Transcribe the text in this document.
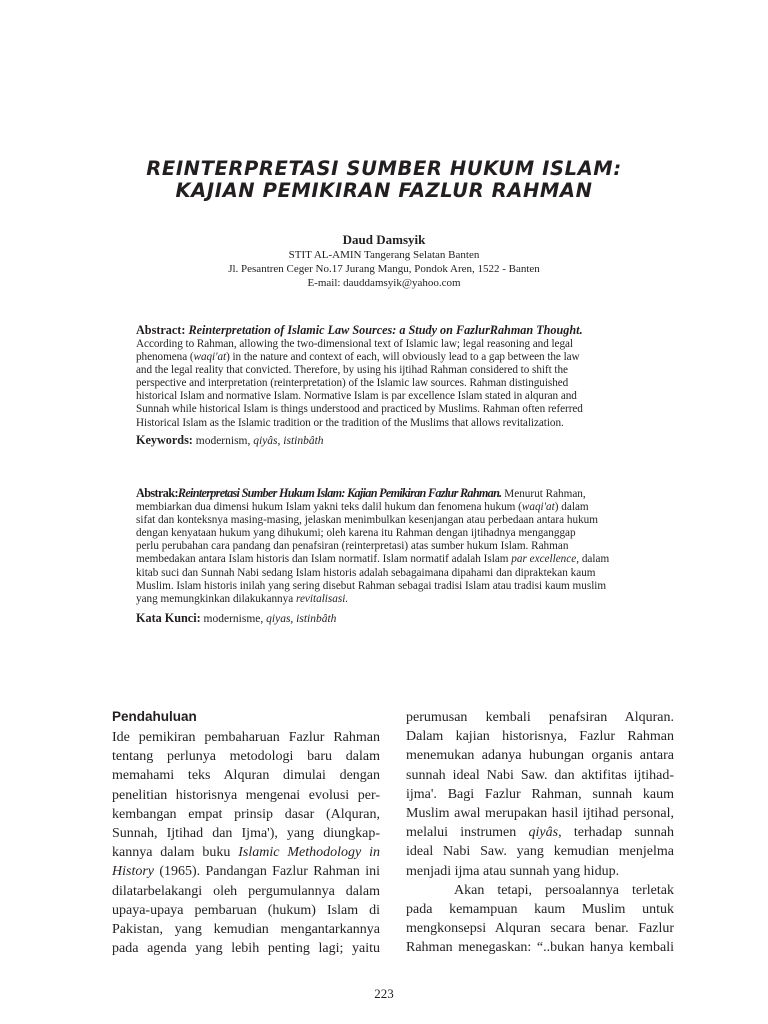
REINTERPRETASI SUMBER HUKUM ISLAM:
KAJIAN PEMIKIRAN FAZLUR RAHMAN
Daud Damsyik
STIT AL-AMIN Tangerang Selatan Banten
Jl. Pesantren Ceger No.17 Jurang Mangu, Pondok Aren, 1522 - Banten
E-mail: dauddamsyik@yahoo.com
Abstract: Reinterpretation of Islamic Law Sources: a Study on FazlurRahman Thought.

According to Rahman, allowing the two-dimensional text of Islamic law; legal reasoning and legal
phenomena (waqi'at) in the nature and context of each, will obviously lead to a gap between the law
and the legal reality that convicted. Therefore, by using his ijtihad Rahman considered to shift the
perspective and interpretation (reinterpretation) of the Islamic law sources. Rahman distinguished
historical Islam and normative Islam. Normative Islam is par excellence Islam stated in alquran and
Sunnah while historical Islam is things understood and practiced by Muslims. Rahman often referred
Historical Islam as the Islamic tradition or the tradition of the Muslims that allows revitalization.

Keywords: modernism, qiyâs, istinbâth

Abstrak:Reinterpretasi Sumber Hukum Islam: Kajian Pemikiran Fazlur Rahman. Menurut Rahman,

membiarkan dua dimensi hukum Islam yakni teks dalil hukum dan fenomena hukum (waqi'at) dalam

sifat dan konteksnya masing-masing, jelaskan menimbulkan kesenjangan atau perbedaan antara hukum

dengan kenyataan hukum yang dihukumi; oleh karena itu Rahman dengan ijtihadnya menganggap

perlu perubahan cara pandang dan penafsiran (reinterpretasi) atas sumber hukum Islam. Rahman

membedakan antara Islam historis dan Islam normatif. Islam normatif adalah Islam par excellence, dalam

kitab suci dan Sunnah Nabi sedang Islam historis adalah sebagaimana dipahami dan dipraktekan kaum

Muslim. Islam historis inilah yang sering disebut Rahman sebagai tradisi Islam atau tradisi kaum muslim

yang memungkinkan dilakukannya revitalisasi.

Kata Kunci: modernisme, qiyas, istinbâth
Pendahuluan
Ide pemikiran pembaharuan Fazlur Rahman
tentang perlunya metodologi baru dalam
memahami teks Alquran dimulai dengan
penelitian historisnya mengenai evolusi per-
kembangan empat prinsip dasar (Alquran,
Sunnah, Ijtihad dan Ijma'), yang diungkap-
kannya dalam buku Islamic Methodology in
History (1965). Pandangan Fazlur Rahman ini
dilatarbelakangi oleh pergumulannya dalam
upaya-upaya pembaruan (hukum) Islam di
Pakistan, yang kemudian mengantarkannya
pada agenda yang lebih penting lagi; yaitu
perumusan kembali penafsiran Alquran.
Dalam kajian historisnya, Fazlur Rahman
menemukan adanya hubungan organis antara
sunnah ideal Nabi Saw. dan aktifitas ijtihad-
ijma'. Bagi Fazlur Rahman, sunnah kaum
Muslim awal merupakan hasil ijtihad personal,
melalui instrumen qiyâs, terhadap sunnah
ideal Nabi Saw. yang kemudian menjelma
menjadi ijma atau sunnah yang hidup.
Akan tetapi, persoalannya terletak
pada kemampuan kaum Muslim untuk
mengkonsepsi Alquran secara benar. Fazlur
Rahman menegaskan: “..bukan hanya kembali
223
